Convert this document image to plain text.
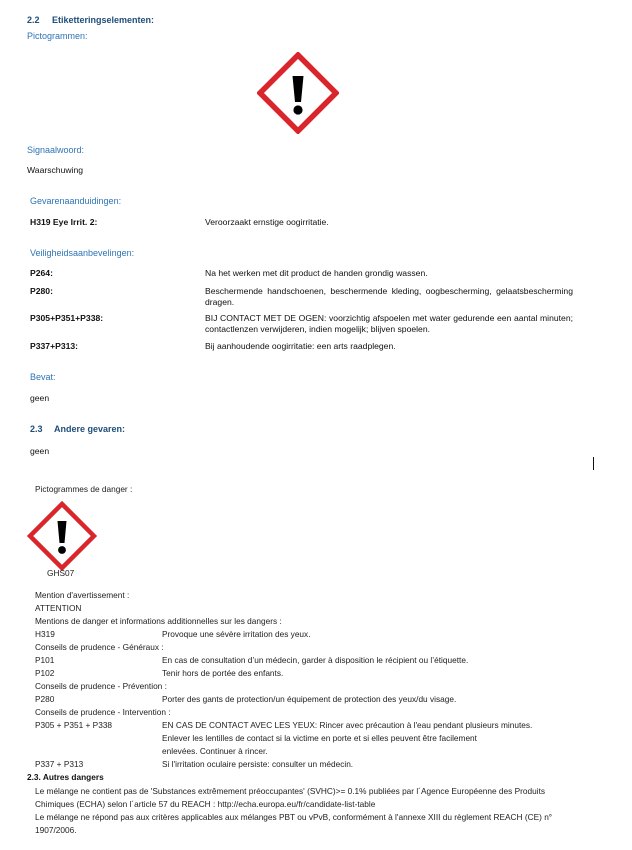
2.2 Etiketteringselementen:
Pictogrammen:
Signaalwoord:
Waarschuwing
Gevarenaanduidingen:
H319 Eye Irrit. 2:	Veroorzaakt ernstige oogirritatie.
Veiligheidsaanbevelingen:
P264:	Na het werken met dit product de handen grondig wassen.
P280:	Beschermende handschoenen, beschermende kleding, oogbescherming, gelaatsbescherming dragen.
P305+P351+P338:	BIJ CONTACT MET DE OGEN: voorzichtig afspoelen met water gedurende een aantal minuten; contactlenzen verwijderen, indien mogelijk; blijven spoelen.
P337+P313:	Bij aanhoudende oogirritatie: een arts raadplegen.
Bevat:
geen
2.3 Andere gevaren:
geen
Pictogrammes de danger :
GHS07
Mention d'avertissement :
ATTENTION
Mentions de danger et informations additionnelles sur les dangers :
H319	Provoque une sévère irritation des yeux.
Conseils de prudence - Généraux :
P101	En cas de consultation d’un médecin, garder à disposition le récipient ou l’étiquette.
P102	Tenir hors de portée des enfants.
Conseils de prudence - Prévention :
P280	Porter des gants de protection/un équipement de protection des yeux/du visage.
Conseils de prudence - Intervention :
P305 + P351 + P338	EN CAS DE CONTACT AVEC LES YEUX: Rincer avec précaution à l'eau pendant plusieurs minutes.
Enlever les lentilles de contact si la victime en porte et si elles peuvent être facilement
enlevées. Continuer à rincer.
P337 + P313	Si l'irritation oculaire persiste: consulter un médecin.
2.3. Autres dangers
Le mélange ne contient pas de 'Substances extrêmement préoccupantes' (SVHC)>= 0.1% publiées par l´Agence Européenne des Produits
Chimiques (ECHA) selon l´article 57 du REACH : http://echa.europa.eu/fr/candidate-list-table
Le mélange ne répond pas aux critères applicables aux mélanges PBT ou vPvB, conformément à l'annexe XIII du règlement REACH (CE) n°
1907/2006.
